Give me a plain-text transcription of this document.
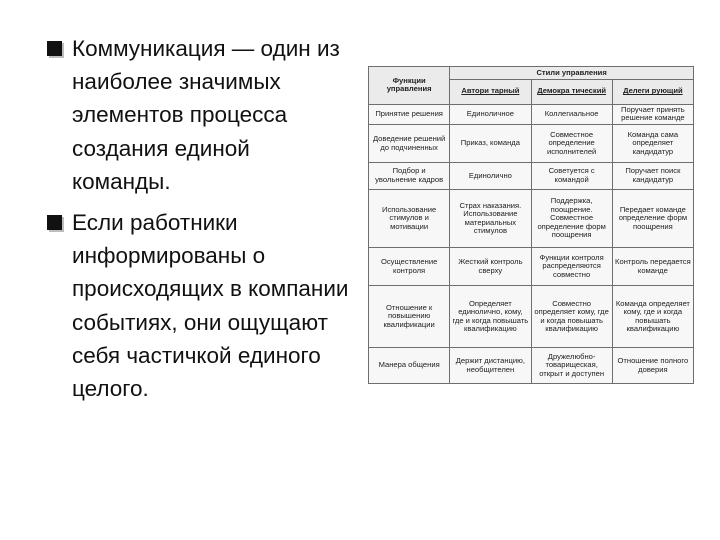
Коммуникация — один из наиболее значимых элементов процесса создания единой команды.
Если работники информированы о происходящих в компании событиях, они ощущают себя частичкой единого целого.
Функции управления	Стили управления		
	Автори тарный	Демокра тический	Делеги рующий
Принятие решения	Единоличное	Коллегиальное	Поручает принять решение команде
Доведение решений до подчиненных	Приказ, команда	Совместное определение исполнителей	Команда сама определяет кандидатур
Подбор и увольнение кадров	Единолично	Советуется с командой	Поручает поиск кандидатур
Использование стимулов и мотивации	Страх наказания. Использование материальных стимулов	Поддержка, поощрение. Совместное определение форм поощрения	Передает команде определение форм поощрения
Осуществление контроля	Жесткий контроль сверху	Функции контроля распределяются совместно	Контроль передается команде
Отношение к повышению квалификации	Определяет единолично, кому, где и когда повышать квалификацию	Совместно определяет кому, где и когда повышать квалификацию	Команда определяет кому, где и когда повышать квалификацию
Манера общения	Держит дистанцию, необщителен	Дружелюбно-товарищеская, открыт и доступен	Отношение полного доверия
